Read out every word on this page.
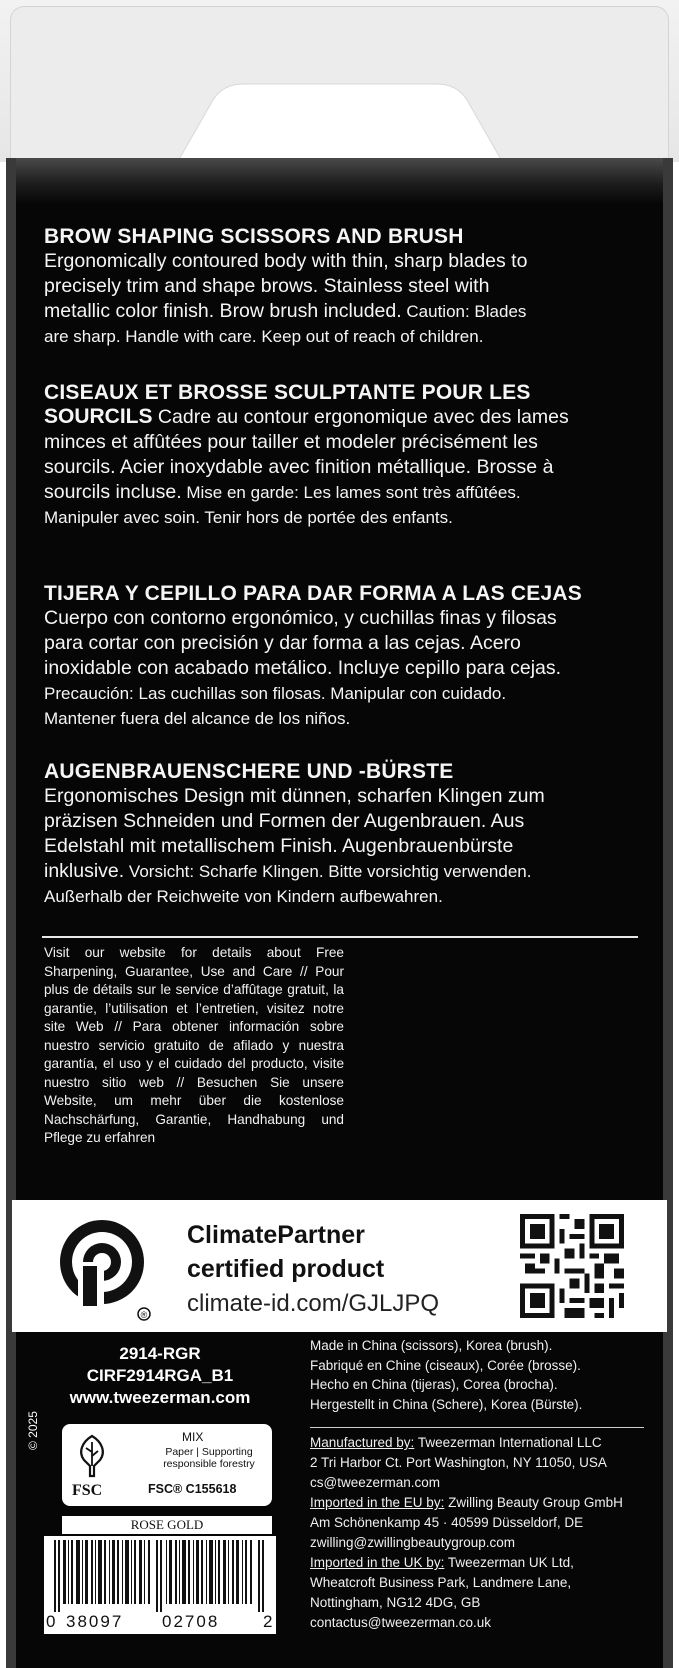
BROW SHAPING SCISSORS AND BRUSH
Ergonomically contoured body with thin, sharp blades to
precisely trim and shape brows. Stainless steel with
metallic color finish. Brow brush included. Caution: Blades
are sharp. Handle with care. Keep out of reach of children.
CISEAUX ET BROSSE SCULPTANTE POUR LES
SOURCILS Cadre au contour ergonomique avec des lames
minces et affûtées pour tailler et modeler précisément les
sourcils. Acier inoxydable avec finition métallique. Brosse à
sourcils incluse. Mise en garde: Les lames sont très affûtées.
Manipuler avec soin. Tenir hors de portée des enfants.
TIJERA Y CEPILLO PARA DAR FORMA A LAS CEJAS
Cuerpo con contorno ergonómico, y cuchillas finas y filosas
para cortar con precisión y dar forma a las cejas. Acero
inoxidable con acabado metálico. Incluye cepillo para cejas.
Precaución: Las cuchillas son filosas. Manipular con cuidado.
Mantener fuera del alcance de los niños.
AUGENBRAUENSCHERE UND -BÜRSTE
Ergonomisches Design mit dünnen, scharfen Klingen zum
präzisen Schneiden und Formen der Augenbrauen. Aus
Edelstahl mit metallischem Finish. Augenbrauenbürste
inklusive. Vorsicht: Scharfe Klingen. Bitte vorsichtig verwenden.
Außerhalb der Reichweite von Kindern aufbewahren.
Visit our website for details about Free Sharpening, Guarantee, Use and Care // Pour plus de détails sur le service d’affûtage gratuit, la garantie, l’utilisation et l’entretien, visitez notre site Web // Para obtener información sobre nuestro servicio gratuito de afilado y nuestra garantía, el uso y el cuidado del producto, visite nuestro sitio web // Besuchen Sie unsere Website, um mehr über die kostenlose Nachschärfung, Garantie, Handhabung und Pflege zu erfahren
®
ClimatePartner
certified product
climate-id.com/GJLJPQ
2914-RGR
CIRF2914RGA_B1
www.tweezerman.com
© 2025
FSC
MIX
Paper | Supporting responsible forestry
FSC® C155618
ROSE GOLD
0 38097 02708	2
Made in China (scissors), Korea (brush).
Fabriqué en Chine (ciseaux), Corée (brosse).
Hecho en China (tijeras), Corea (brocha).
Hergestellt in China (Schere), Korea (Bürste).
Manufactured by: Tweezerman International LLC
2 Tri Harbor Ct. Port Washington, NY 11050, USA
cs@tweezerman.com
Imported in the EU by: Zwilling Beauty Group GmbH
Am Schönenkamp 45 · 40599 Düsseldorf, DE
zwilling@zwillingbeautygroup.com
Imported in the UK by: Tweezerman UK Ltd,
Wheatcroft Business Park, Landmere Lane,
Nottingham, NG12 4DG, GB
contactus@tweezerman.co.uk
